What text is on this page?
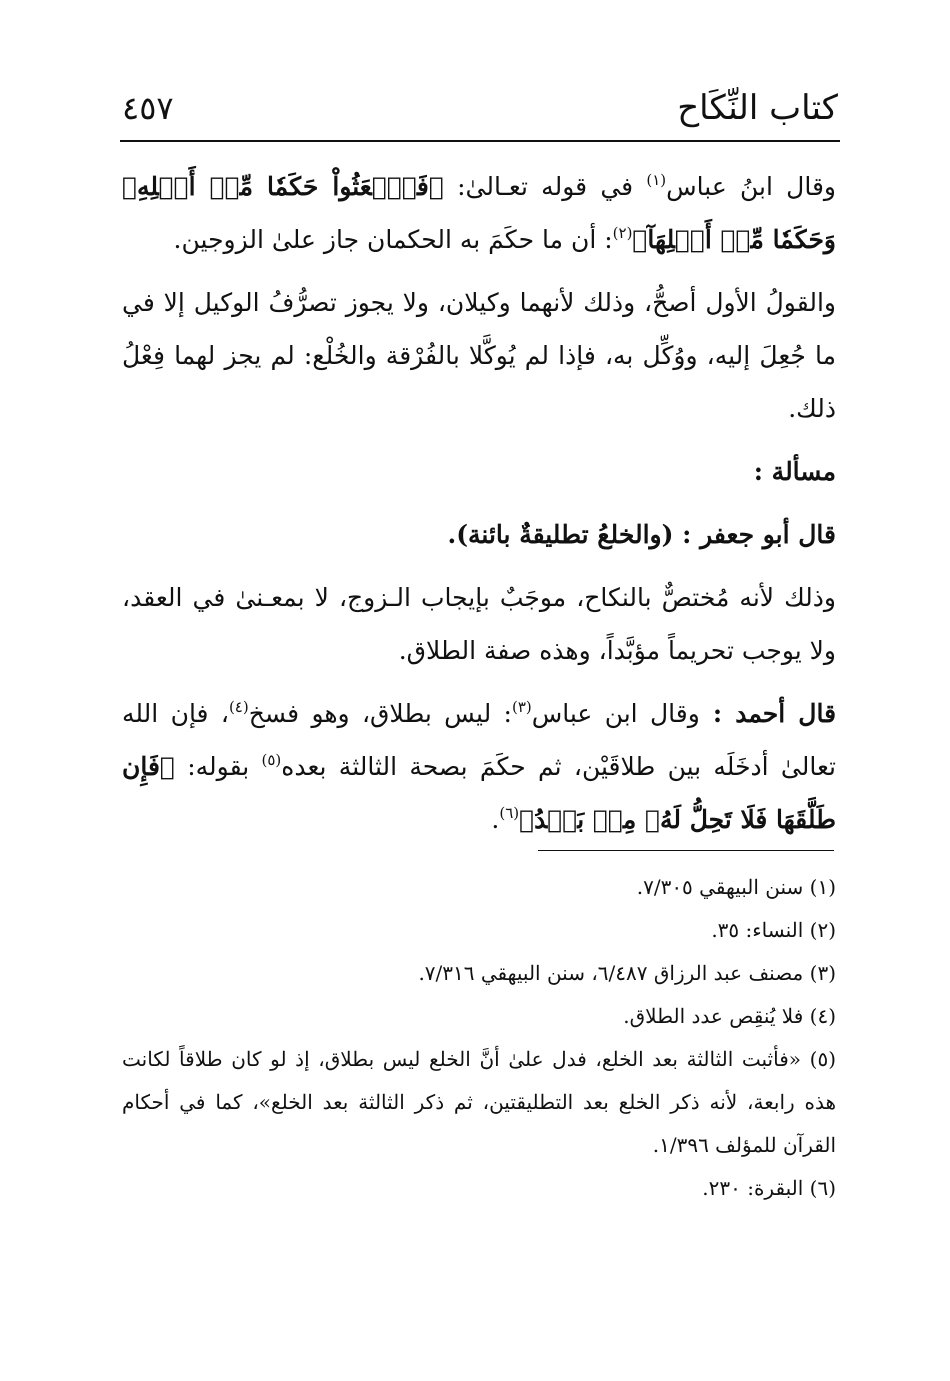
كتاب النِّكَاح
٤٥٧

وقال ابنُ عباس$^{(١)}$ في قوله تعـالىٰ: ﴿فَٱبۡعَثُواْ حَكَمٗا مِّنۡ أَهۡلِهِۦ وَحَكَمٗا مِّنۡ أَهۡلِهَآ﴾$^{(٢)}$: أن ما حكَمَ به الحكمان جاز علىٰ الزوجين.

والقولُ الأول أصحُّ، وذلك لأنهما وكيلان، ولا يجوز تصرُّفُ الوكيل إلا في ما جُعِلَ إليه، ووُكِّل به، فإذا لم يُوكَّلا بالفُرْقة والخُلْع: لم يجز لهما فِعْلُ ذلك.

مسألة :

قال أبو جعفر : (والخلعُ تطليقةٌ بائنة).

وذلك لأنه مُختصٌّ بالنكاح، موجَبٌ بإيجاب الـزوج، لا بمعـنىٰ في العقد، ولا يوجب تحريماً مؤبَّداً، وهذه صفة الطلاق.

قال أحمد : وقال ابن عباس$^{(٣)}$: ليس بطلاق، وهو فسخ$^{(٤)}$، فإن الله تعالىٰ أدخَلَه بين طلاقَيْن، ثم حكَمَ بصحة الثالثة بعده$^{(٥)}$ بقوله: ﴿فَإِن طَلَّقَهَا فَلَا تَحِلُّ لَهُۥ مِنۢ بَعۡدُ﴾$^{(٦)}$.

(١) سنن البيهقي ٧/٣٠٥.

(٢) النساء: ٣٥.

(٣) مصنف عبد الرزاق ٦/٤٨٧، سنن البيهقي ٧/٣١٦.

(٤) فلا يُنقِص عدد الطلاق.

(٥) «فأثبت الثالثة بعد الخلع، فدل علىٰ أنَّ الخلع ليس بطلاق، إذ لو كان طلاقاً لكانت هذه رابعة، لأنه ذكر الخلع بعد التطليقتين، ثم ذكر الثالثة بعد الخلع»، كما في أحكام القرآن للمؤلف ١/٣٩٦.

(٦) البقرة: ٢٣٠.
